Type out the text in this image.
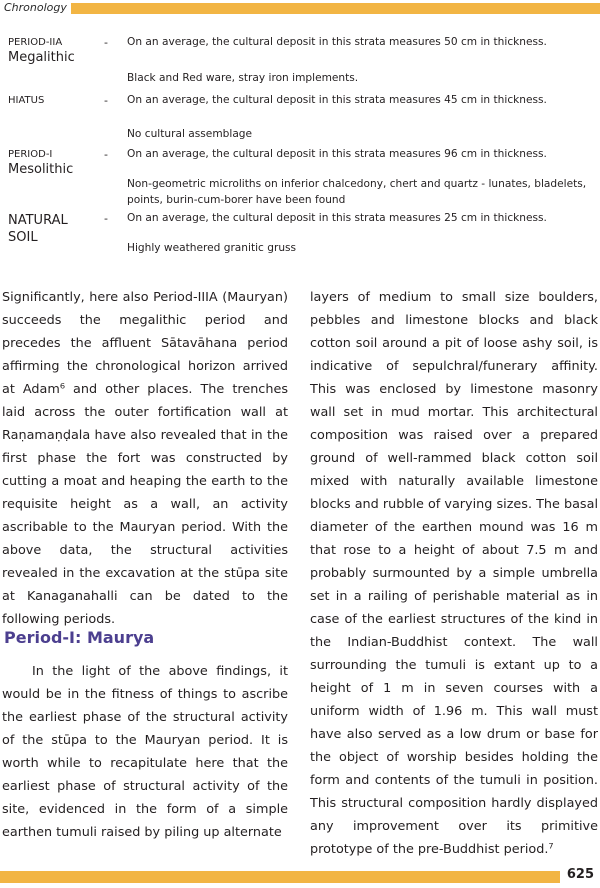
Chronology
PERIOD-IIA
Megalithic
- On an average, the cultural deposit in this strata measures 50 cm in thickness.
Black and Red ware, stray iron implements.
HIATUS	- On an average, the cultural deposit in this strata measures 45 cm in thickness.
No cultural assemblage
PERIOD-I
Mesolithic
- On an average, the cultural deposit in this strata measures 96 cm in thickness.
Non-geometric microliths on inferior chalcedony, chert and quartz - lunates, bladelets, points, burin-cum-borer have been found
NATURAL SOIL
- On an average, the cultural deposit in this strata measures 25 cm in thickness.
Highly weathered granitic gruss
Significantly, here also Period-IIIA (Mauryan) succeeds the megalithic period and precedes the affluent Sātavāhana period affirming the chronological horizon arrived at Adam⁶ and other places. The trenches laid across the outer fortification wall at Raṇamaṇḍala have also revealed that in the first phase the fort was constructed by cutting a moat and heaping the earth to the requisite height as a wall, an activity ascribable to the Mauryan period. With the above data, the structural activities revealed in the excavation at the stūpa site at Kanaganahalli can be dated to the following periods.
Period-I: Maurya
In the light of the above findings, it would be in the fitness of things to ascribe the earliest phase of the structural activity of the stūpa to the Mauryan period. It is worth while to recapitulate here that the earliest phase of structural activity of the site, evidenced in the form of a simple earthen tumuli raised by piling up alternate
layers of medium to small size boulders, pebbles and limestone blocks and black cotton soil around a pit of loose ashy soil, is indicative of sepulchral/funerary affinity. This was enclosed by limestone masonry wall set in mud mortar. This architectural composition was raised over a prepared ground of well-rammed black cotton soil mixed with naturally available limestone blocks and rubble of varying sizes. The basal diameter of the earthen mound was 16 m that rose to a height of about 7.5 m and probably surmounted by a simple umbrella set in a railing of perishable material as in case of the earliest structures of the kind in the Indian-Buddhist context. The wall surrounding the tumuli is extant up to a height of 1 m in seven courses with a uniform width of 1.96 m. This wall must have also served as a low drum or base for the object of worship besides holding the form and contents of the tumuli in position. This structural composition hardly displayed any improvement over its primitive prototype of the pre-Buddhist period.⁷
625
